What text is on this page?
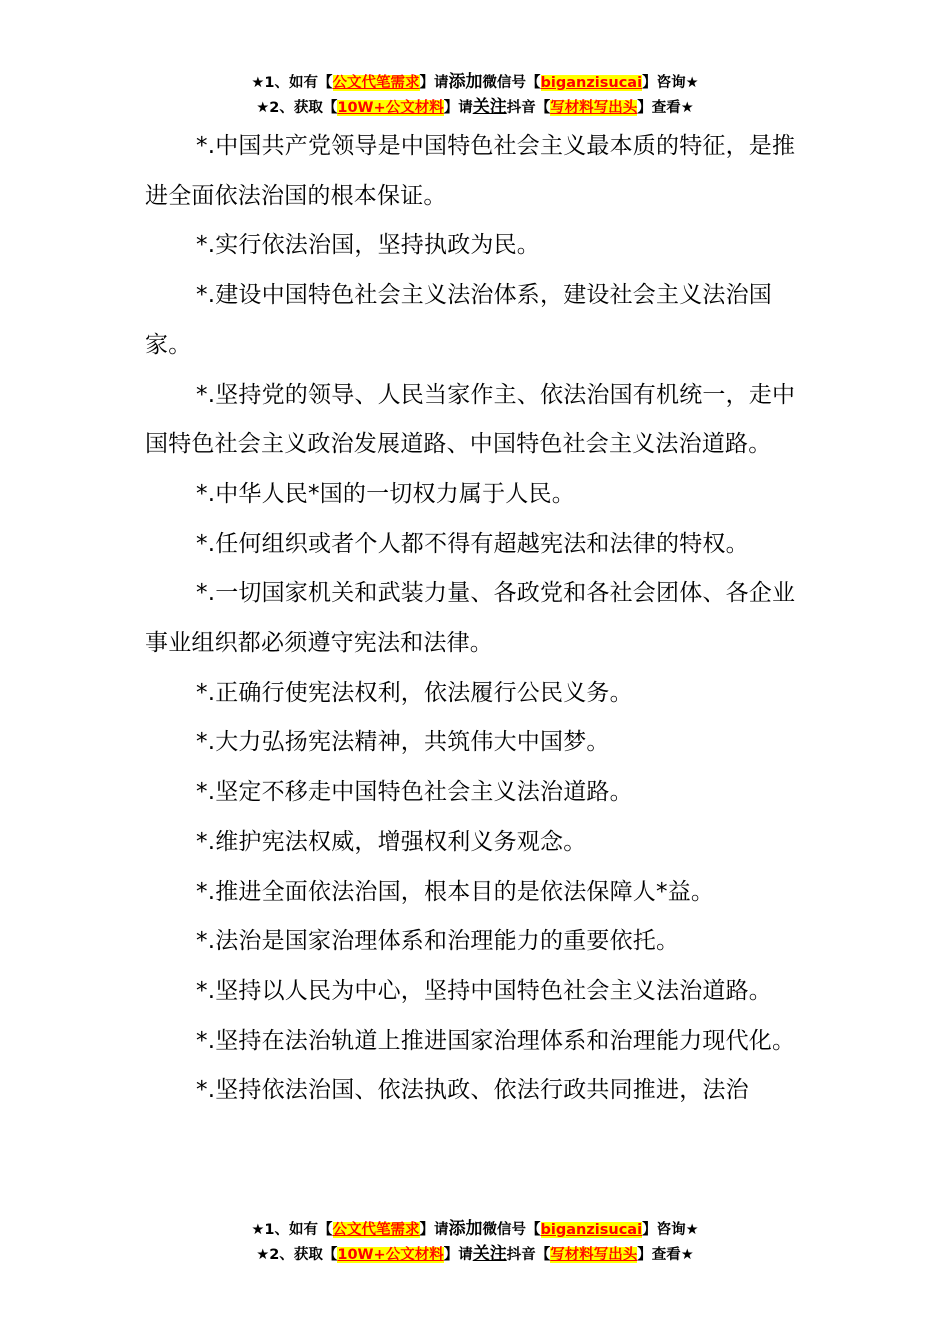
★1、如有【公文代笔需求】请添加微信号【biganzisucai】咨询★
★2、获取【10W+公文材料】请关注抖音【写材料写出头】查看★

*.中国共产党领导是中国特色社会主义最本质的特征，是推进全面依法治国的根本保证。

*.实行依法治国，坚持执政为民。

*.建设中国特色社会主义法治体系，建设社会主义法治国家。

*.坚持党的领导、人民当家作主、依法治国有机统一，走中国特色社会主义政治发展道路、中国特色社会主义法治道路。

*.中华人民*国的一切权力属于人民。

*.任何组织或者个人都不得有超越宪法和法律的特权。

*.一切国家机关和武装力量、各政党和各社会团体、各企业事业组织都必须遵守宪法和法律。

*.正确行使宪法权利，依法履行公民义务。

*.大力弘扬宪法精神，共筑伟大中国梦。

*.坚定不移走中国特色社会主义法治道路。

*.维护宪法权威，增强权利义务观念。

*.推进全面依法治国，根本目的是依法保障人*益。

*.法治是国家治理体系和治理能力的重要依托。

*.坚持以人民为中心，坚持中国特色社会主义法治道路。

*.坚持在法治轨道上推进国家治理体系和治理能力现代化。

*.坚持依法治国、依法执政、依法行政共同推进，法治

★1、如有【公文代笔需求】请添加微信号【biganzisucai】咨询★
★2、获取【10W+公文材料】请关注抖音【写材料写出头】查看★
